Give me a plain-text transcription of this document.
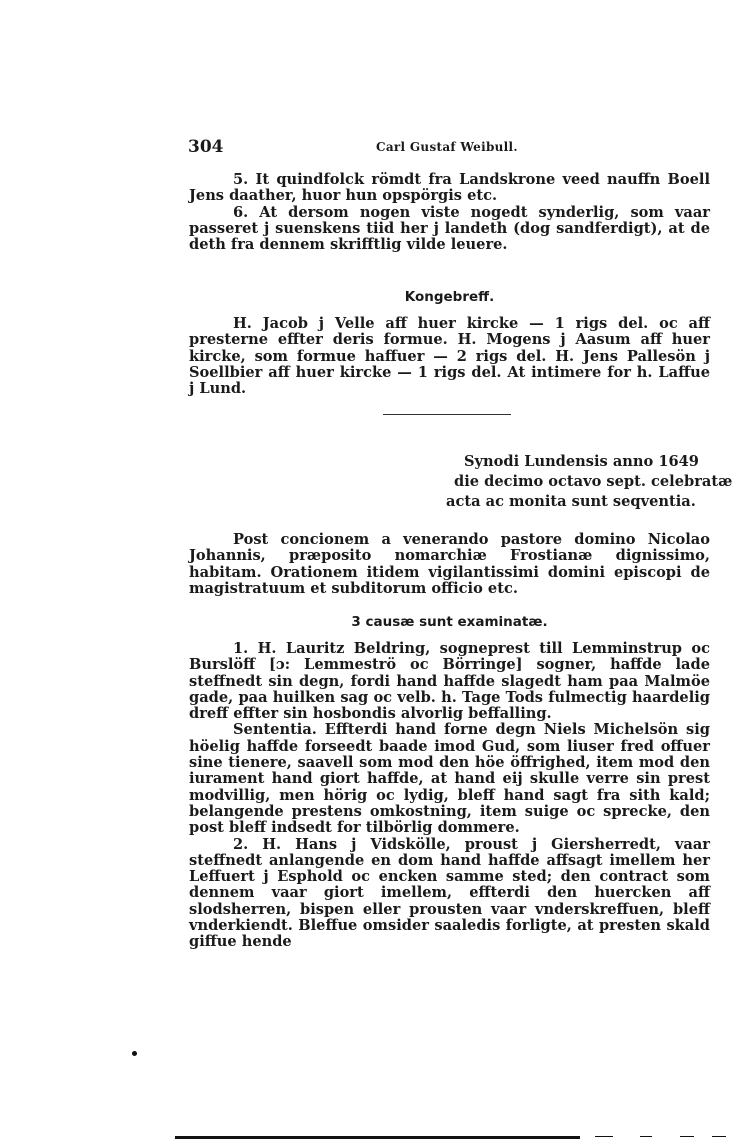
304	Carl Gustaf Weibull.

5. It quindfolck römdt fra Landskrone veed nauffn Boell Jens daather, huor hun opspörgis etc.

6. At dersom nogen viste nogedt synderlig, som vaar passeret j suenskens tiid her j landeth (dog sandferdigt), at de deth fra dennem skrifftlig vilde leuere.

Kongebreff.

H. Jacob j Velle aff huer kircke — 1 rigs del. oc aff presterne effter deris formue. H. Mogens j Aasum aff huer kircke, som formue haffuer — 2 rigs del. H. Jens Pallesön j Soellbier aff huer kircke — 1 rigs del. At intimere for h. Laffue j Lund.

Synodi Lundensis anno 1649

die decimo octavo sept. celebratæ

acta ac monita sunt seqventia.

Post concionem a venerando pastore domino Nicolao Johannis, præposito nomarchiæ Frostianæ dignissimo, habitam. Orationem itidem vigilantissimi domini episcopi de magistratuum et subditorum officio etc.

3 causæ sunt examinatæ.

1. H. Lauritz Beldring, sogneprest till Lemminstrup oc Burslöff [ɔ: Lemmeströ oc Börringe] sogner, haffde lade steffnedt sin degn, fordi hand haffde slagedt ham paa Malmöe gade, paa huilken sag oc velb. h. Tage Tods fulmectig haardelig dreff effter sin hosbondis alvorlig beffalling.

Sententia. Effterdi hand forne degn Niels Michelsön sig höelig haffde forseedt baade imod Gud, som liuser fred offuer sine tienere, saavell som mod den höe öffrighed, item mod den iurament hand giort haffde, at hand eij skulle verre sin prest modvillig, men hörig oc lydig, bleff hand sagt fra sith kald; belangende prestens omkostning, item suige oc sprecke, den post bleff indsedt for tilbörlig dommere.

2. H. Hans j Vidsköllе, proust j Giersherredt, vaar steffnedt anlangende en dom hand haffde affsagt imellem her Leffuert j Esphold oc encken samme sted; den contract som dennem vaar giort imellem, effterdi den huercken aff slodsherren, bispen eller prousten vaar vnderskreffuen, bleff vnderkiendt. Bleffue omsider saaledis forligte, at presten skald giffue hende
